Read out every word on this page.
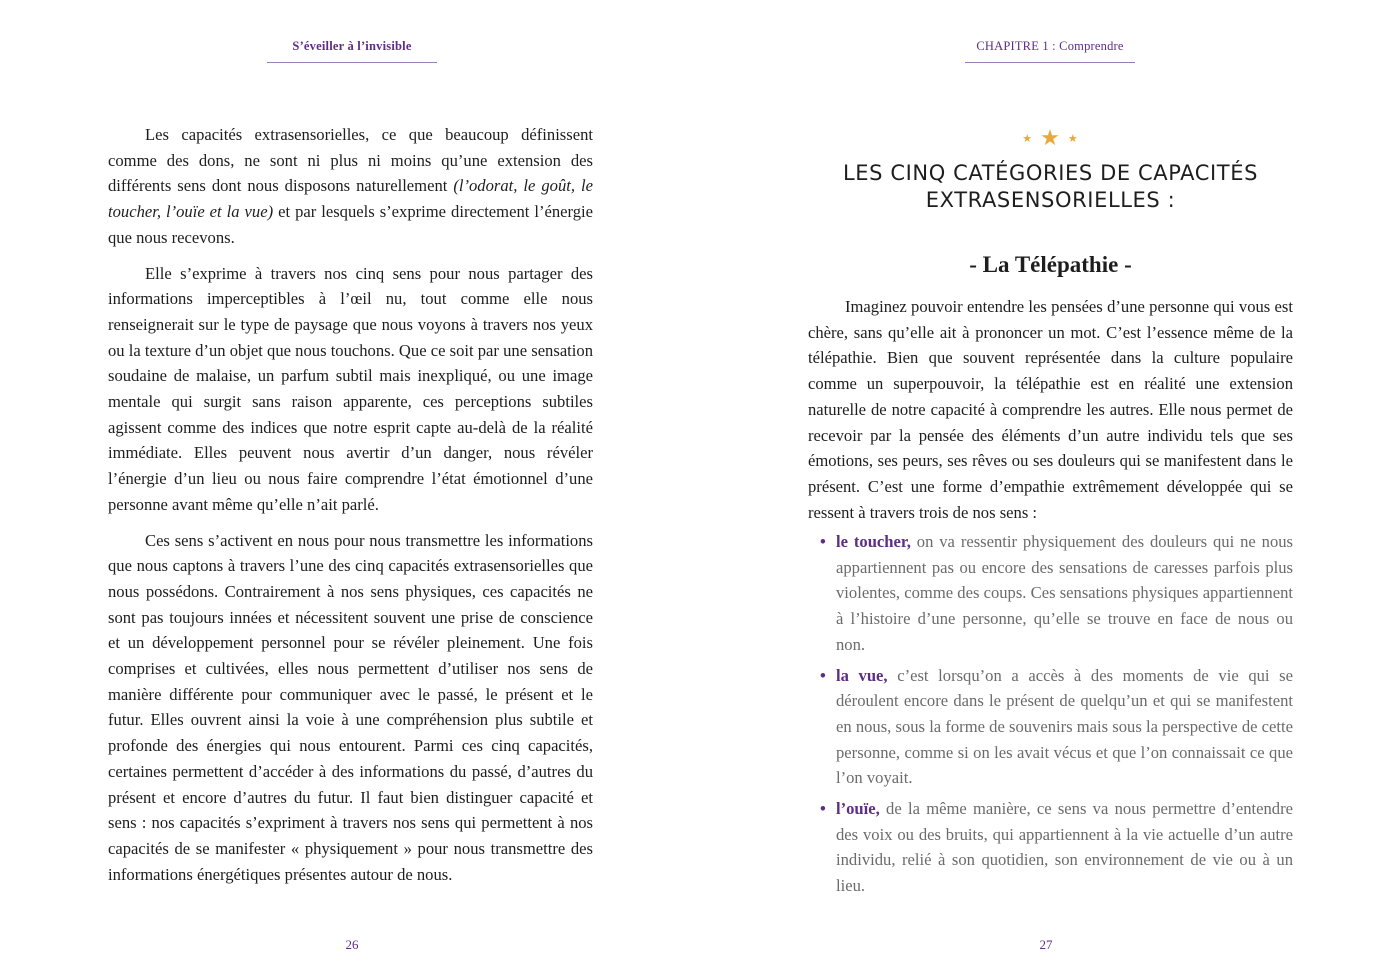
S’éveiller à l’invisible

Les capacités extrasensorielles, ce que beaucoup définissent comme des dons, ne sont ni plus ni moins qu’une extension des différents sens dont nous disposons naturellement (l’odorat, le goût, le toucher, l’ouïe et la vue) et par lesquels s’exprime directement l’énergie que nous recevons.

Elle s’exprime à travers nos cinq sens pour nous partager des informations imperceptibles à l’œil nu, tout comme elle nous renseignerait sur le type de paysage que nous voyons à travers nos yeux ou la texture d’un objet que nous touchons. Que ce soit par une sensation soudaine de malaise, un parfum subtil mais inexpliqué, ou une image mentale qui surgit sans raison apparente, ces perceptions subtiles agissent comme des indices que notre esprit capte au-delà de la réalité immédiate. Elles peuvent nous avertir d’un danger, nous révéler l’énergie d’un lieu ou nous faire comprendre l’état émotionnel d’une personne avant même qu’elle n’ait parlé.

Ces sens s’activent en nous pour nous transmettre les informations que nous captons à travers l’une des cinq capacités extrasensorielles que nous possédons. Contrairement à nos sens physiques, ces capacités ne sont pas toujours innées et nécessitent souvent une prise de conscience et un développement personnel pour se révéler pleinement. Une fois comprises et cultivées, elles nous permettent d’utiliser nos sens de manière différente pour communiquer avec le passé, le présent et le futur. Elles ouvrent ainsi la voie à une compréhension plus subtile et profonde des énergies qui nous entourent. Parmi ces cinq capacités, certaines permettent d’accéder à des informations du passé, d’autres du présent et encore d’autres du futur. Il faut bien distinguer capacité et sens : nos capacités s’expriment à travers nos sens qui permettent à nos capacités de se manifester « physiquement » pour nous transmettre des informations énergétiques présentes autour de nous.

26
CHAPITRE 1 : Comprendre
★ ★ ★
LES CINQ CATÉGORIES DE CAPACITÉS
EXTRASENSORIELLES :
- La Télépathie -

Imaginez pouvoir entendre les pensées d’une personne qui vous est chère, sans qu’elle ait à prononcer un mot. C’est l’essence même de la télépathie. Bien que souvent représentée dans la culture populaire comme un superpouvoir, la télépathie est en réalité une extension naturelle de notre capacité à comprendre les autres. Elle nous permet de recevoir par la pensée des éléments d’un autre individu tels que ses émotions, ses peurs, ses rêves ou ses douleurs qui se manifestent dans le présent. C’est une forme d’empathie extrêmement développée qui se ressent à travers trois de nos sens :

• le toucher, on va ressentir physiquement des douleurs qui ne nous appartiennent pas ou encore des sensations de caresses parfois plus violentes, comme des coups. Ces sensations physiques appartiennent à l’histoire d’une personne, qu’elle se trouve en face de nous ou non.
• la vue, c’est lorsqu’on a accès à des moments de vie qui se déroulent encore dans le présent de quelqu’un et qui se manifestent en nous, sous la forme de souvenirs mais sous la perspective de cette personne, comme si on les avait vécus et que l’on connaissait ce que l’on voyait.
• l’ouïe, de la même manière, ce sens va nous permettre d’entendre des voix ou des bruits, qui appartiennent à la vie actuelle d’un autre individu, relié à son quotidien, son environnement de vie ou à un lieu.
27
